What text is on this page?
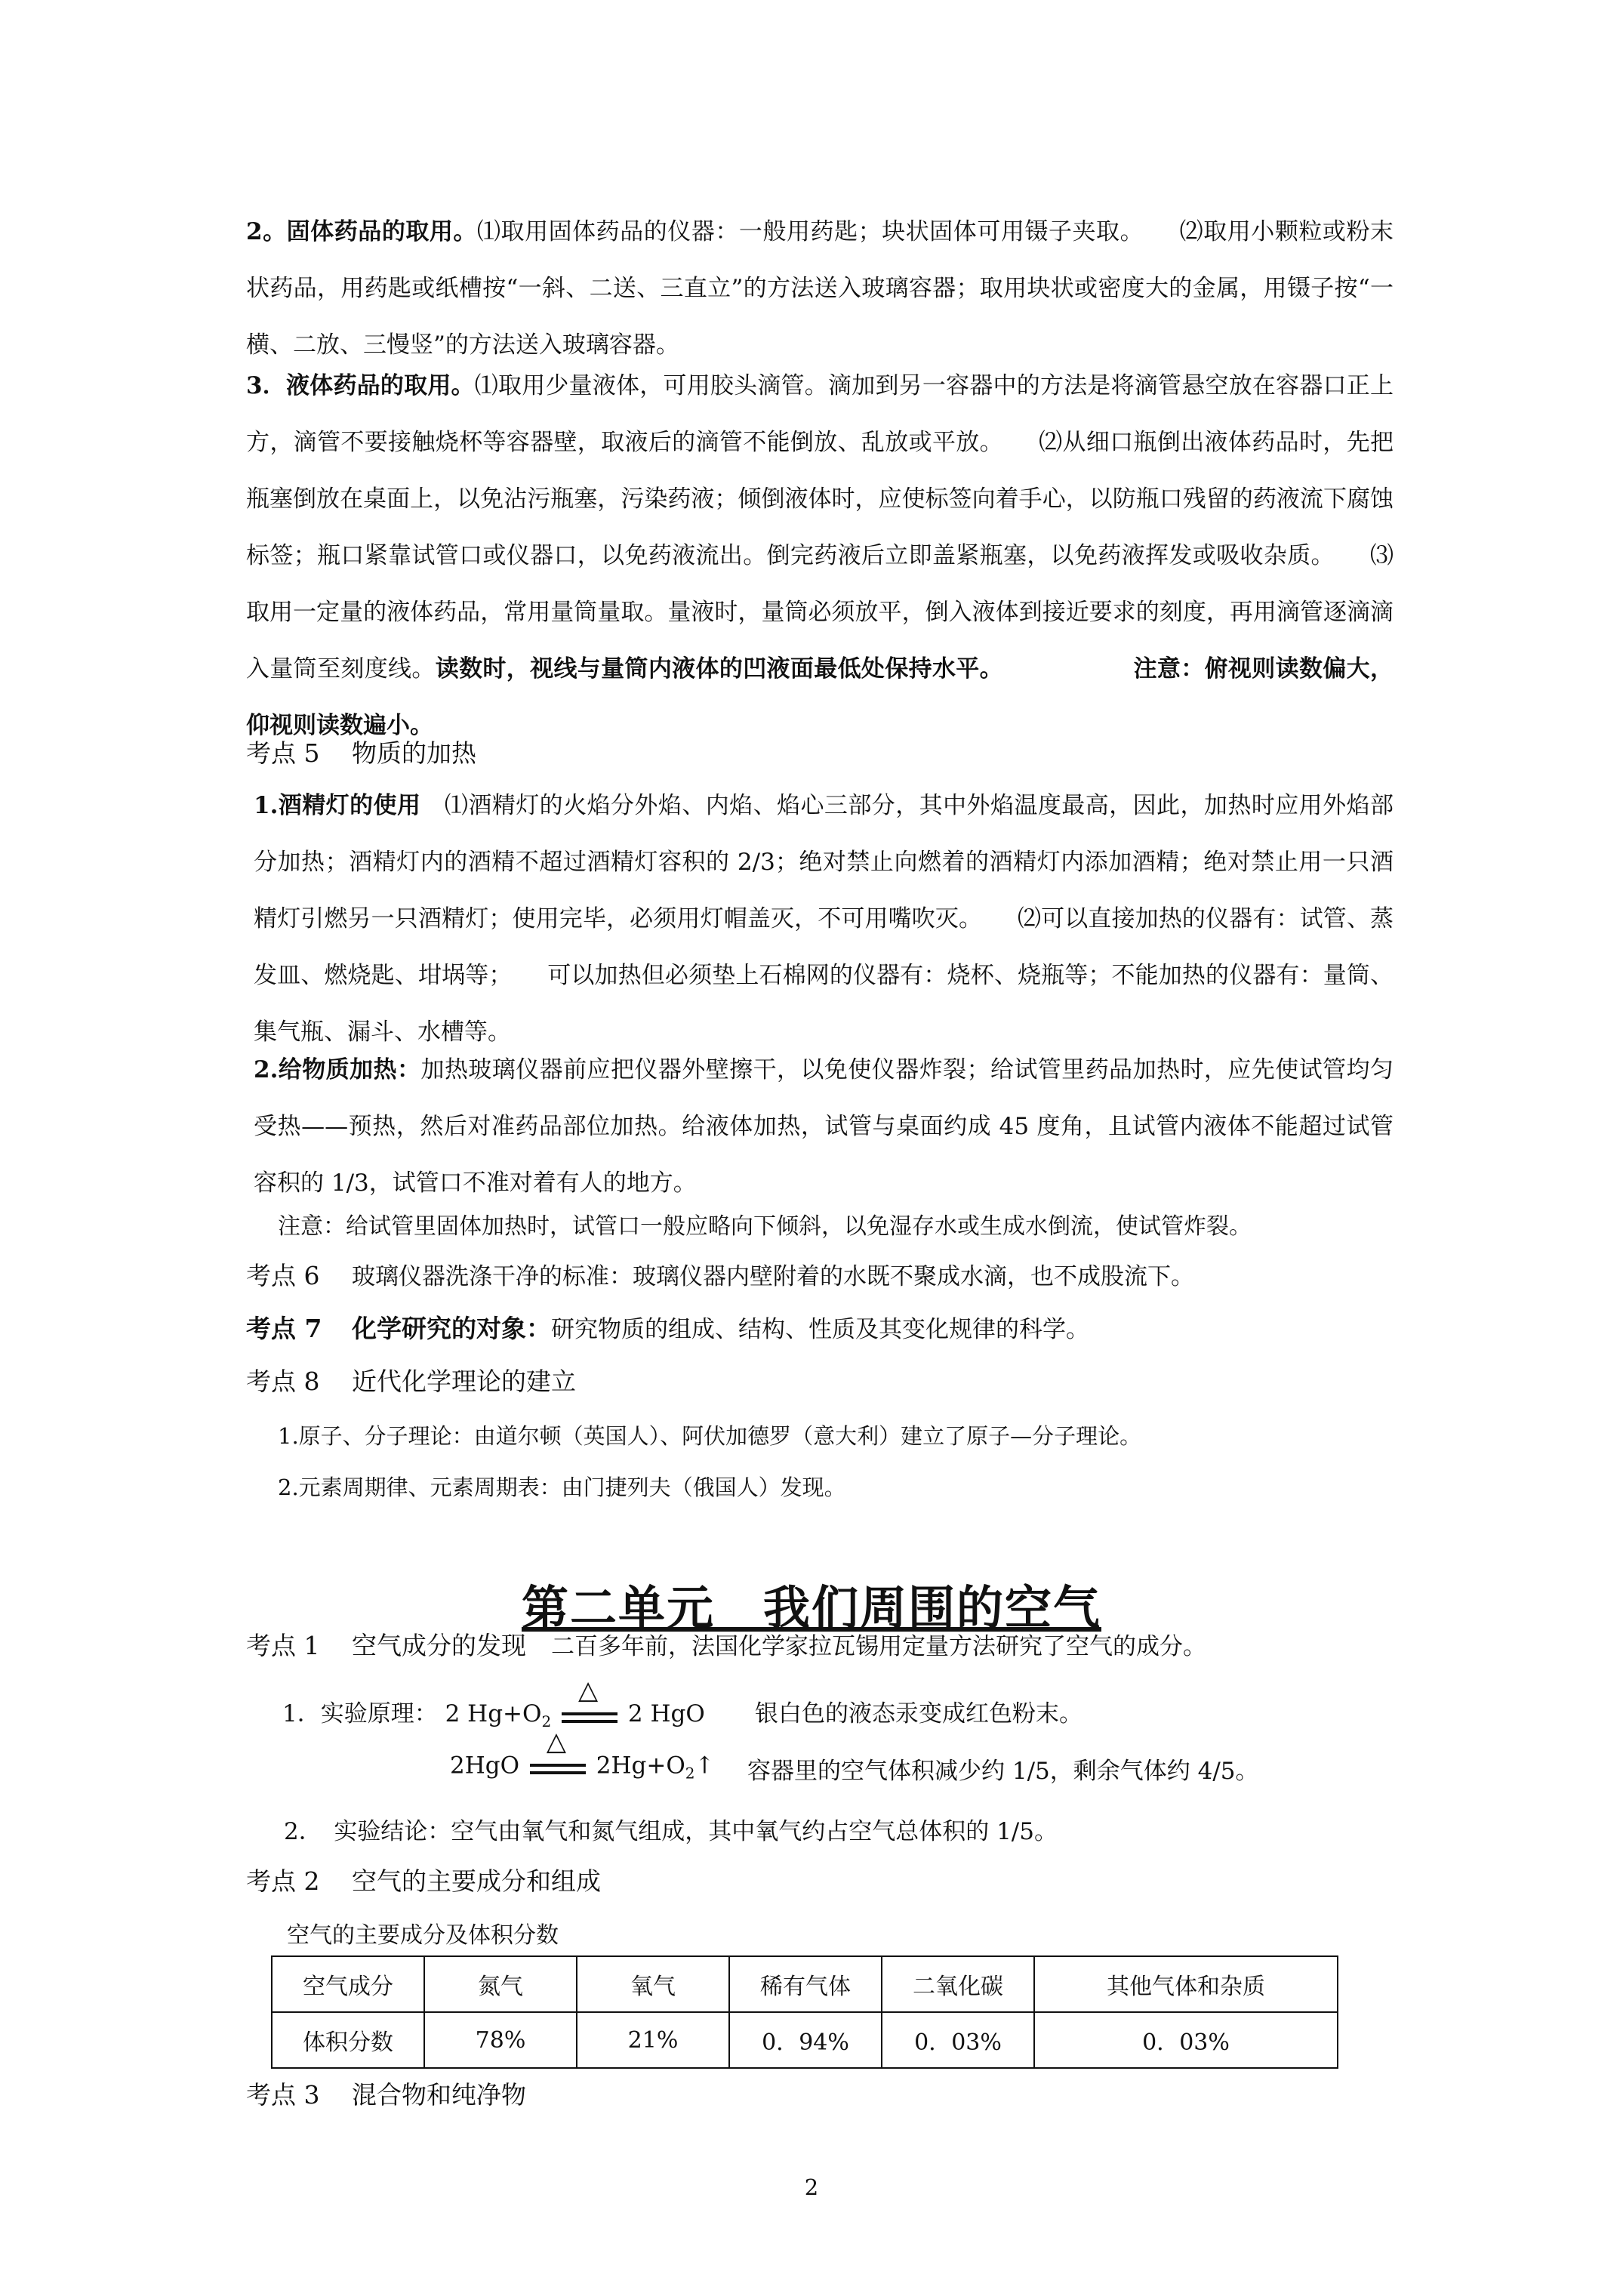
2。固体药品的取用。⑴取用固体药品的仪器：一般用药匙；块状固体可用镊子夹取。　　⑵取用小颗粒或粉末状药品，用药匙或纸槽按“一斜、二送、三直立”的方法送入玻璃容器；取用块状或密度大的金属，用镊子按“一横、二放、三慢竖”的方法送入玻璃容器。
3．液体药品的取用。⑴取用少量液体，可用胶头滴管。滴加到另一容器中的方法是将滴管悬空放在容器口正上方，滴管不要接触烧杯等容器壁，取液后的滴管不能倒放、乱放或平放。　　⑵从细口瓶倒出液体药品时，先把瓶塞倒放在桌面上，以免沾污瓶塞，污染药液；倾倒液体时，应使标签向着手心，以防瓶口残留的药液流下腐蚀标签；瓶口紧靠试管口或仪器口，以免药液流出。倒完药液后立即盖紧瓶塞，以免药液挥发或吸收杂质。　　⑶取用一定量的液体药品，常用量筒量取。量液时，量筒必须放平，倒入液体到接近要求的刻度，再用滴管逐滴滴入量筒至刻度线。读数时，视线与量筒内液体的凹液面最低处保持水平。　　　　　　	注意：俯视则读数偏大，仰视则读数遍小。
考点 5 物质的加热
1.酒精灯的使用　 ⑴酒精灯的火焰分外焰、内焰、焰心三部分，其中外焰温度最高，因此，加热时应用外焰部分加热；酒精灯内的酒精不超过酒精灯容积的 2/3；绝对禁止向燃着的酒精灯内添加酒精；绝对禁止用一只酒精灯引燃另一只酒精灯；使用完毕，必须用灯帽盖灭，不可用嘴吹灭。　　⑵可以直接加热的仪器有：试管、蒸发皿、燃烧匙、坩埚等；　　可以加热但必须垫上石棉网的仪器有：烧杯、烧瓶等；不能加热的仪器有：量筒、集气瓶、漏斗、水槽等。
2.给物质加热：加热玻璃仪器前应把仪器外壁擦干，以免使仪器炸裂；给试管里药品加热时，应先使试管均匀受热——预热，然后对准药品部位加热。给液体加热，试管与桌面约成 45 度角，且试管内液体不能超过试管容积的 1/3，试管口不准对着有人的地方。
注意：给试管里固体加热时，试管口一般应略向下倾斜，以免湿存水或生成水倒流，使试管炸裂。
考点 6 玻璃仪器洗涤干净的标准：玻璃仪器内壁附着的水既不聚成水滴，也不成股流下。
考点 7 化学研究的对象：研究物质的组成、结构、性质及其变化规律的科学。
考点 8 近代化学理论的建立
1.原子、分子理论：由道尔顿（英国人）、阿伏加德罗（意大利）建立了原子—分子理论。
2.元素周期律、元素周期表：由门捷列夫（俄国人）发现。
第二单元　我们周围的空气
考点 1 空气成分的发现　 二百多年前，法国化学家拉瓦锡用定量方法研究了空气的成分。
1．实验原理： 2 $Hg+O_2$
△
2 HgO 银白色的液态汞变成红色粉末。
2HgO
△
$2Hg+O_2↑$ 容器里的空气体积减少约 1/5，剩余气体约 4/5。
2．　实验结论：空气由氧气和氮气组成，其中氧气约占空气总体积的 1/5。
考点 2 空气的主要成分和组成
空气的主要成分及体积分数
空气成分	氮气	氧气	稀有气体	二氧化碳	其他气体和杂质
体积分数	78%	21%	0．94%	0．03%	0．03%
考点 3 混合物和纯净物
2
